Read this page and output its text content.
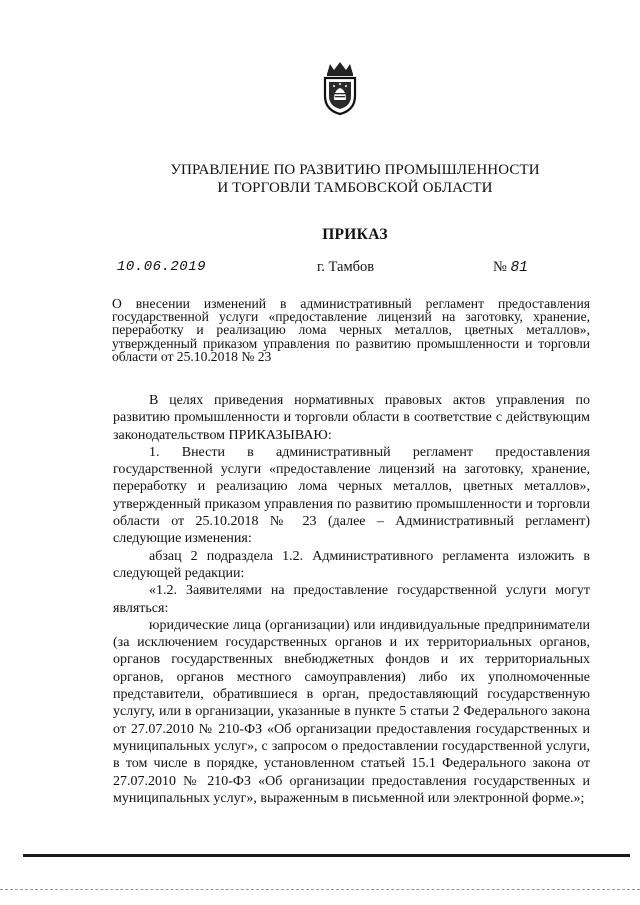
УПРАВЛЕНИЕ ПО РАЗВИТИЮ ПРОМЫШЛЕННОСТИ
И ТОРГОВЛИ ТАМБОВСКОЙ ОБЛАСТИ
ПРИКАЗ
10.06.2019	г. Тамбов	№ 81
О внесении изменений в административный регламент предоставления государственной услуги «предоставление лицензий на заготовку, хранение, переработку и реализацию лома черных металлов, цветных металлов», утвержденный приказом управления по развитию промышленности и торговли области от 25.10.2018 № 23

В целях приведения нормативных правовых актов управления по развитию промышленности и торговли области в соответствие с действующим законодательством ПРИКАЗЫВАЮ:

1. Внести в административный регламент предоставления государственной услуги «предоставление лицензий на заготовку, хранение, переработку и реализацию лома черных металлов, цветных металлов», утвержденный приказом управления по развитию промышленности и торговли области от 25.10.2018 № 23 (далее – Административный регламент) следующие изменения:

абзац 2 подраздела 1.2. Административного регламента изложить в следующей редакции:

«1.2. Заявителями на предоставление государственной услуги могут являться:

юридические лица (организации) или индивидуальные предприниматели (за исключением государственных органов и их территориальных органов, органов государственных внебюджетных фондов и их территориальных органов, органов местного самоуправления) либо их уполномоченные представители, обратившиеся в орган, предоставляющий государственную услугу, или в организации, указанные в пункте 5 статьи 2 Федерального закона от 27.07.2010 № 210-ФЗ «Об организации предоставления государственных и муниципальных услуг», с запросом о предоставлении государственной услуги, в том числе в порядке, установленном статьей 15.1 Федерального закона от 27.07.2010 № 210-ФЗ «Об организации предоставления государственных и муниципальных услуг», выраженным в письменной или электронной форме.»;
